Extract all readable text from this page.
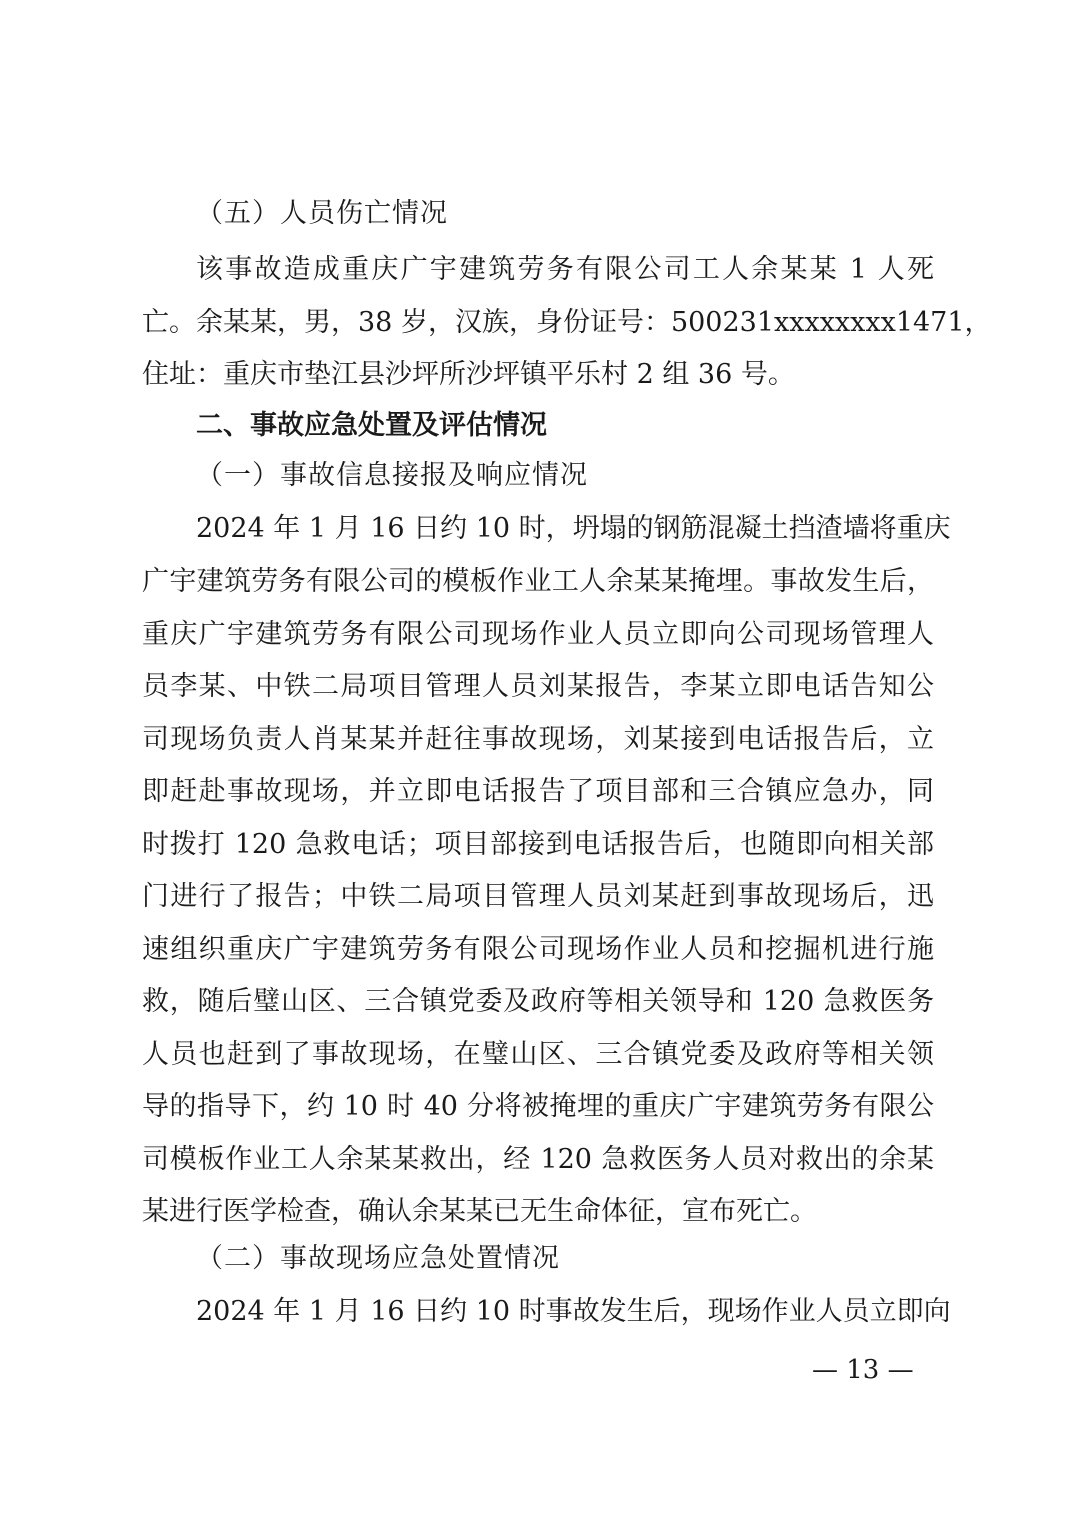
（五）人员伤亡情况
该事故造成重庆广宇建筑劳务有限公司工人余某某 1 人死
亡。余某某，男，38 岁，汉族，身份证号：500231xxxxxxxx1471，
住址：重庆市垫江县沙坪所沙坪镇平乐村 2 组 36 号。
二、事故应急处置及评估情况
（一）事故信息接报及响应情况
2024 年 1 月 16 日约 10 时，坍塌的钢筋混凝土挡渣墙将重庆
广宇建筑劳务有限公司的模板作业工人余某某掩埋。事故发生后，
重庆广宇建筑劳务有限公司现场作业人员立即向公司现场管理人
员李某、中铁二局项目管理人员刘某报告，李某立即电话告知公
司现场负责人肖某某并赶往事故现场，刘某接到电话报告后，立
即赶赴事故现场，并立即电话报告了项目部和三合镇应急办，同
时拨打 120 急救电话；项目部接到电话报告后，也随即向相关部
门进行了报告；中铁二局项目管理人员刘某赶到事故现场后，迅
速组织重庆广宇建筑劳务有限公司现场作业人员和挖掘机进行施
救，随后璧山区、三合镇党委及政府等相关领导和 120 急救医务
人员也赶到了事故现场，在璧山区、三合镇党委及政府等相关领
导的指导下，约 10 时 40 分将被掩埋的重庆广宇建筑劳务有限公
司模板作业工人余某某救出，经 120 急救医务人员对救出的余某
某进行医学检查，确认余某某已无生命体征，宣布死亡。
（二）事故现场应急处置情况
2024 年 1 月 16 日约 10 时事故发生后，现场作业人员立即向
— 13 —
